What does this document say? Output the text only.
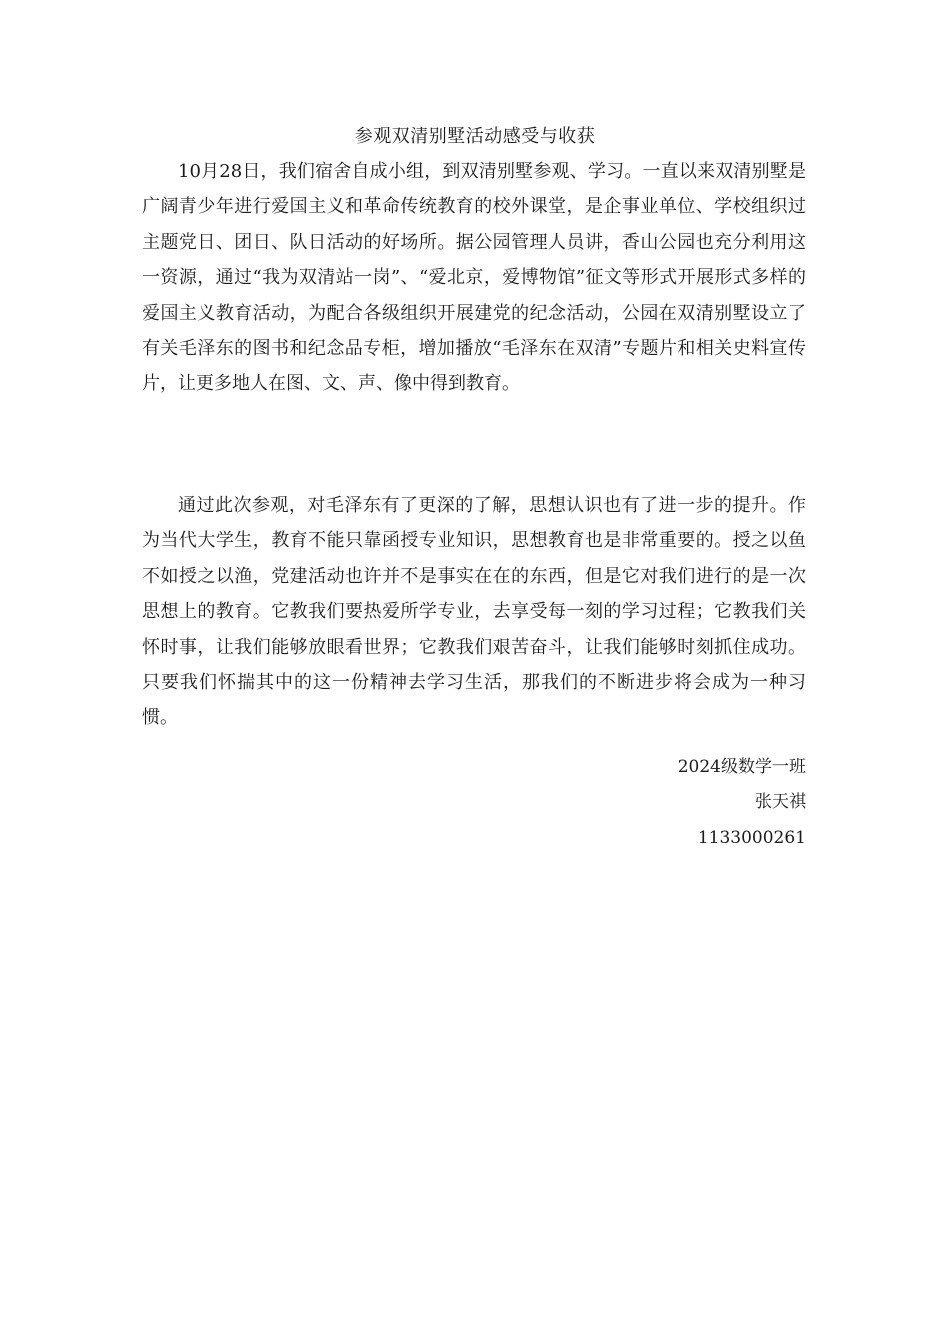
参观双清别墅活动感受与收获

10月28日，我们宿舍自成小组，到双清别墅参观、学习。一直以来双清别墅是广阔青少年进行爱国主义和革命传统教育的校外课堂，是企事业单位、学校组织过主题党日、团日、队日活动的好场所。据公园管理人员讲，香山公园也充分利用这一资源，通过“我为双清站一岗”、“爱北京，爱博物馆”征文等形式开展形式多样的爱国主义教育活动，为配合各级组织开展建党的纪念活动，公园在双清别墅设立了有关毛泽东的图书和纪念品专柜，增加播放“毛泽东在双清”专题片和相关史料宣传片，让更多地人在图、文、声、像中得到教育。

通过此次参观，对毛泽东有了更深的了解，思想认识也有了进一步的提升。作为当代大学生，教育不能只靠函授专业知识，思想教育也是非常重要的。授之以鱼不如授之以渔，党建活动也许并不是事实在在的东西，但是它对我们进行的是一次思想上的教育。它教我们要热爱所学专业，去享受每一刻的学习过程；它教我们关怀时事，让我们能够放眼看世界；它教我们艰苦奋斗，让我们能够时刻抓住成功。只要我们怀揣其中的这一份精神去学习生活，那我们的不断进步将会成为一种习惯。

2024级数学一班
张天祺
1133000261
